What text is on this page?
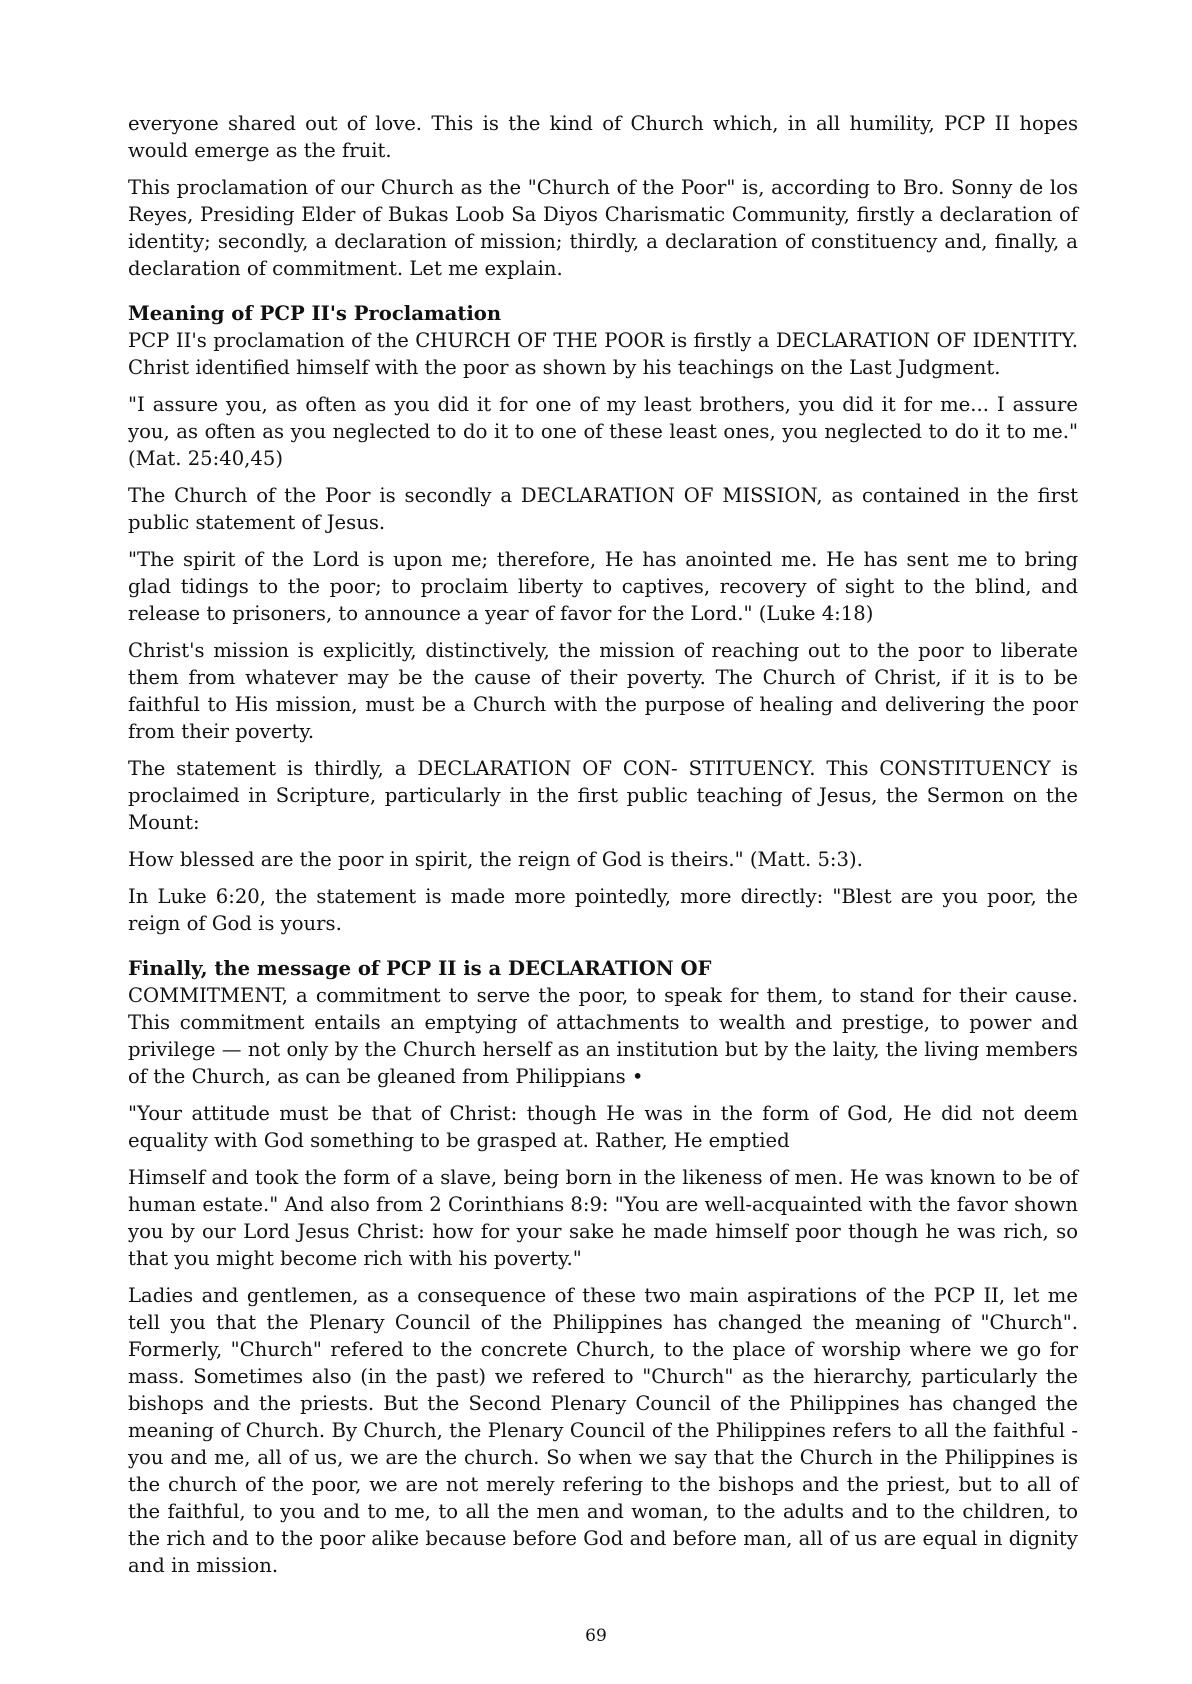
everyone shared out of love. This is the kind of Church which, in all humility, PCP II hopes would emerge as the fruit.

This proclamation of our Church as the "Church of the Poor" is, according to Bro. Sonny de los Reyes, Presiding Elder of Bukas Loob Sa Diyos Charismatic Community, firstly a declaration of identity; secondly, a declaration of mission; thirdly, a declaration of constituency and, finally, a declaration of commitment. Let me explain.

Meaning of PCP II's Proclamation

PCP II's proclamation of the CHURCH OF THE POOR is firstly a DECLARATION OF IDENTITY. Christ identified himself with the poor as shown by his teachings on the Last Judgment.

"I assure you, as often as you did it for one of my least brothers, you did it for me... I assure you, as often as you neglected to do it to one of these least ones, you neglected to do it to me." (Mat. 25:40,45)

The Church of the Poor is secondly a DECLARATION OF MISSION, as contained in the first public statement of Jesus.

"The spirit of the Lord is upon me; therefore, He has anointed me. He has sent me to bring glad tidings to the poor; to proclaim liberty to captives, recovery of sight to the blind, and release to prisoners, to announce a year of favor for the Lord." (Luke 4:18)

Christ's mission is explicitly, distinctively, the mission of reaching out to the poor to liberate them from whatever may be the cause of their poverty. The Church of Christ, if it is to be faithful to His mission, must be a Church with the purpose of healing and delivering the poor from their poverty.

The statement is thirdly, a DECLARATION OF CON- STITUENCY. This CONSTITUENCY is proclaimed in Scripture, particularly in the first public teaching of Jesus, the Sermon on the Mount:

How blessed are the poor in spirit, the reign of God is theirs." (Matt. 5:3).

In Luke 6:20, the statement is made more pointedly, more directly: "Blest are you poor, the reign of God is yours.

Finally, the message of PCP II is a DECLARATION OF

COMMITMENT, a commitment to serve the poor, to speak for them, to stand for their cause. This commitment entails an emptying of attachments to wealth and prestige, to power and privilege — not only by the Church herself as an institution but by the laity, the living members of the Church, as can be gleaned from Philippians •

"Your attitude must be that of Christ: though He was in the form of God, He did not deem equality with God something to be grasped at. Rather, He emptied

Himself and took the form of a slave, being born in the likeness of men. He was known to be of human estate." And also from 2 Corinthians 8:9: "You are well-acquainted with the favor shown you by our Lord Jesus Christ: how for your sake he made himself poor though he was rich, so that you might become rich with his poverty."

Ladies and gentlemen, as a consequence of these two main aspirations of the PCP II, let me tell you that the Plenary Council of the Philippines has changed the meaning of "Church". Formerly, "Church" refered to the concrete Church, to the place of worship where we go for mass. Sometimes also (in the past) we refered to "Church" as the hierarchy, particularly the bishops and the priests. But the Second Plenary Council of the Philippines has changed the meaning of Church. By Church, the Plenary Council of the Philippines refers to all the faithful - you and me, all of us, we are the church. So when we say that the Church in the Philippines is the church of the poor, we are not merely refering to the bishops and the priest, but to all of the faithful, to you and to me, to all the men and woman, to the adults and to the children, to the rich and to the poor alike because before God and before man, all of us are equal in dignity and in mission.

69
